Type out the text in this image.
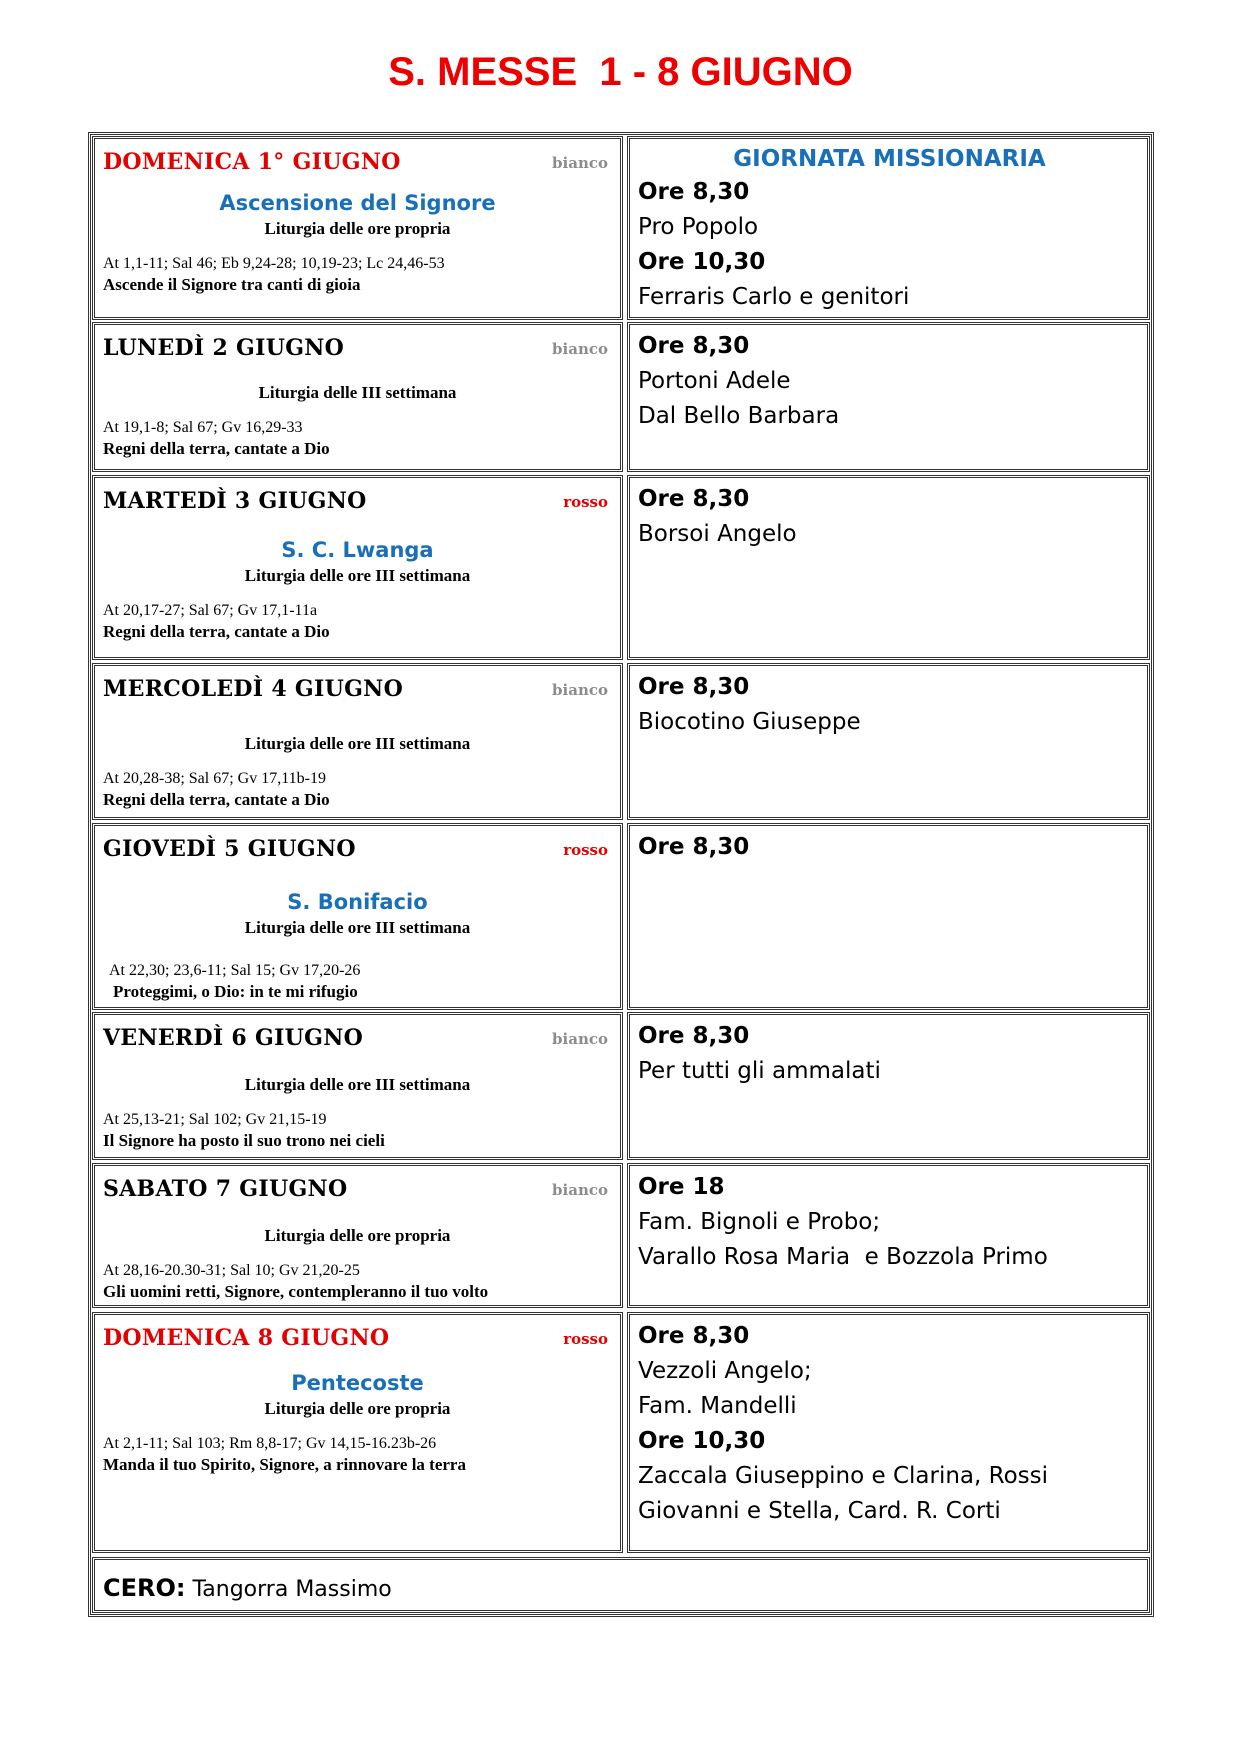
S. MESSE  1 - 8 GIUGNO
DOMENICA 1° GIUGNO	bianco
Ascensione del Signore
Liturgia delle ore propria
At 1,1-11; Sal 46; Eb 9,24-28; 10,19-23; Lc 24,46-53
Ascende il Signore tra canti di gioia
GIORNATA MISSIONARIA
Ore 8,30
Pro Popolo
Ore 10,30
Ferraris Carlo e genitori
LUNEDÌ 2 GIUGNO	bianco
Liturgia delle III settimana
At 19,1-8; Sal 67; Gv 16,29-33
Regni della terra, cantate a Dio
Ore 8,30
Portoni Adele
Dal Bello Barbara
MARTEDÌ 3 GIUGNO	rosso
S. C. Lwanga
Liturgia delle ore III settimana
At 20,17-27; Sal 67; Gv 17,1-11a
Regni della terra, cantate a Dio
Ore 8,30
Borsoi Angelo
MERCOLEDÌ 4 GIUGNO	bianco
Liturgia delle ore III settimana
At 20,28-38; Sal 67; Gv 17,11b-19
Regni della terra, cantate a Dio
Ore 8,30
Biocotino Giuseppe
GIOVEDÌ 5 GIUGNO	rosso
S. Bonifacio
Liturgia delle ore III settimana
At 22,30; 23,6-11; Sal 15; Gv 17,20-26
Proteggimi, o Dio: in te mi rifugio
Ore 8,30
VENERDÌ 6 GIUGNO	bianco
Liturgia delle ore III settimana
At 25,13-21; Sal 102; Gv 21,15-19
Il Signore ha posto il suo trono nei cieli
Ore 8,30
Per tutti gli ammalati
SABATO 7 GIUGNO	bianco
Liturgia delle ore propria
At 28,16-20.30-31; Sal 10; Gv 21,20-25
Gli uomini retti, Signore, contempleranno il tuo volto
Ore 18
Fam. Bignoli e Probo;
Varallo Rosa Maria  e Bozzola Primo
DOMENICA 8 GIUGNO	rosso
Pentecoste
Liturgia delle ore propria
At 2,1-11; Sal 103; Rm 8,8-17; Gv 14,15-16.23b-26
Manda il tuo Spirito, Signore, a rinnovare la terra
Ore 8,30
Vezzoli Angelo;
Fam. Mandelli
Ore 10,30
Zaccala Giuseppino e Clarina, Rossi
Giovanni e Stella, Card. R. Corti
CERO: Tangorra Massimo
